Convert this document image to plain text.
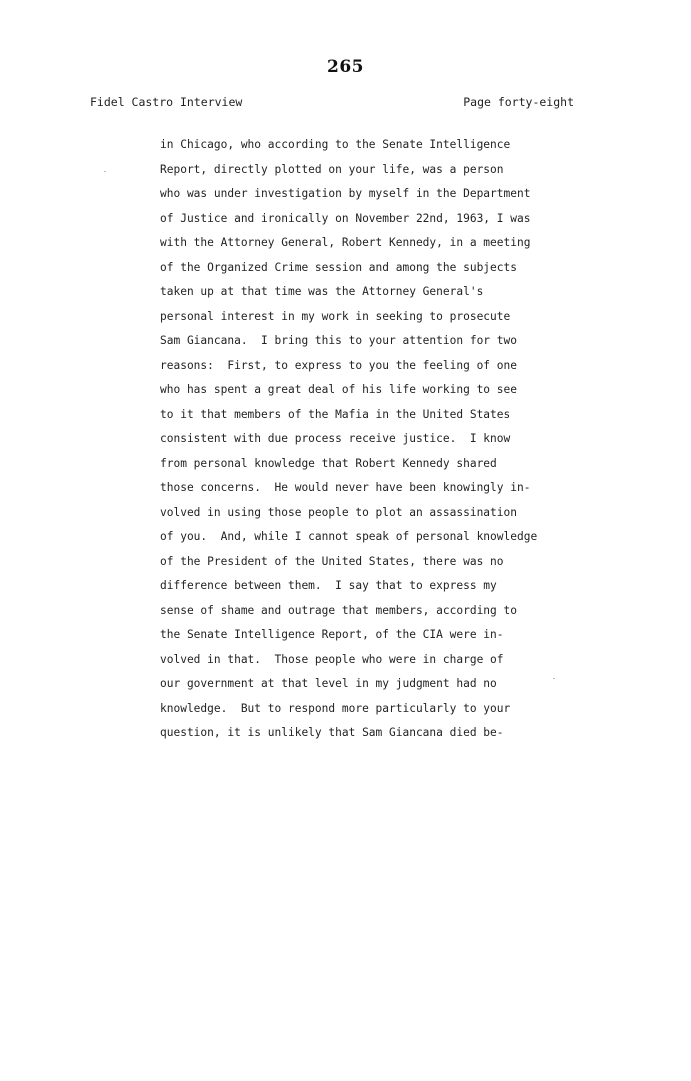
265
Fidel Castro Interview	Page forty-eight
in Chicago, who according to the Senate Intelligence
Report, directly plotted on your life, was a person
who was under investigation by myself in the Department
of Justice and ironically on November 22nd, 1963, I was
with the Attorney General, Robert Kennedy, in a meeting
of the Organized Crime session and among the subjects
taken up at that time was the Attorney General's
personal interest in my work in seeking to prosecute
Sam Giancana.  I bring this to your attention for two
reasons:  First, to express to you the feeling of one
who has spent a great deal of his life working to see
to it that members of the Mafia in the United States
consistent with due process receive justice.  I know
from personal knowledge that Robert Kennedy shared
those concerns.  He would never have been knowingly in-
volved in using those people to plot an assassination
of you.  And, while I cannot speak of personal knowledge
of the President of the United States, there was no
difference between them.  I say that to express my
sense of shame and outrage that members, according to
the Senate Intelligence Report, of the CIA were in-
volved in that.  Those people who were in charge of
our government at that level in my judgment had no
knowledge.  But to respond more particularly to your
question, it is unlikely that Sam Giancana died be-
